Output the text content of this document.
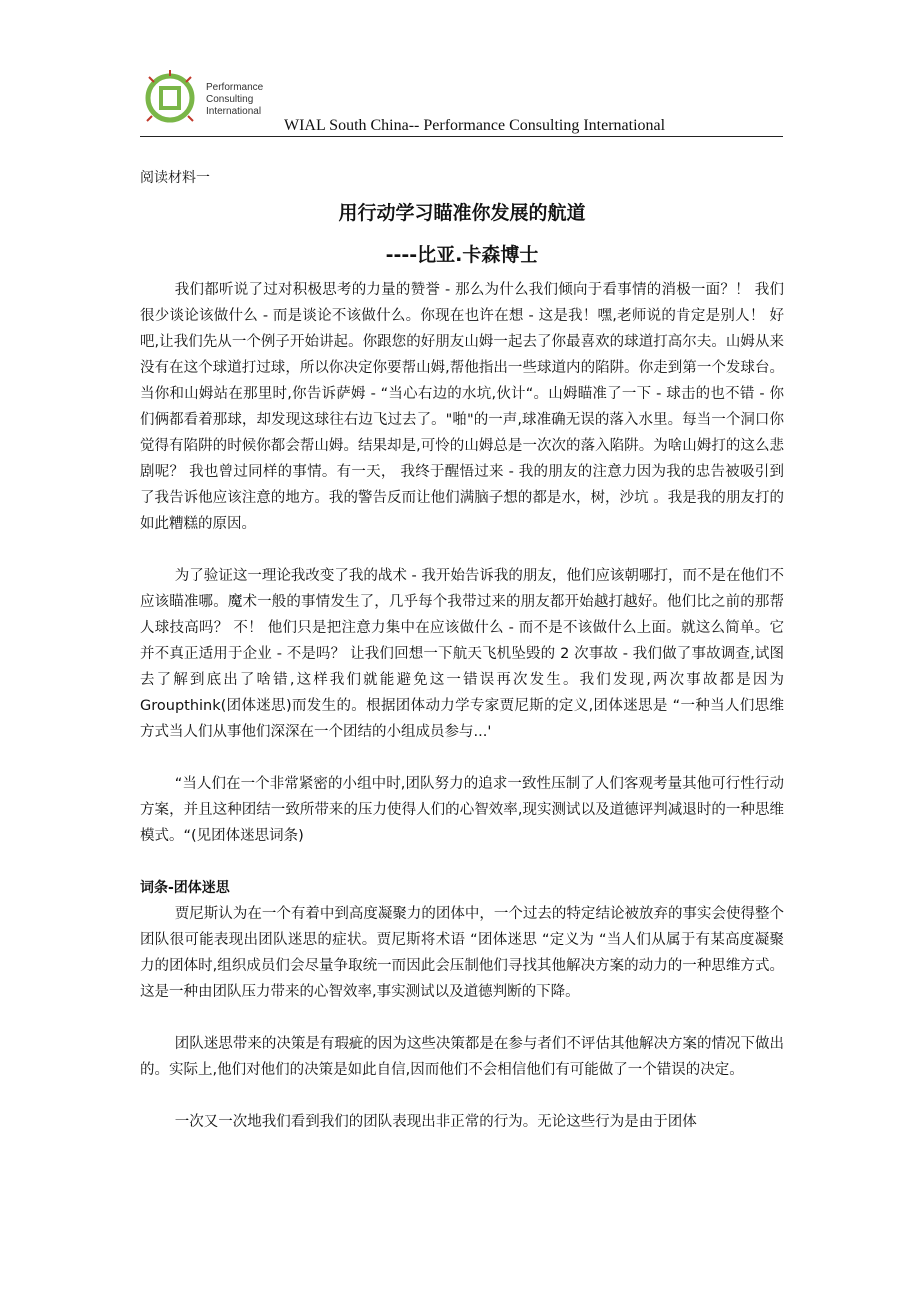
Performance
Consulting
International
WIAL South China-- Performance Consulting International
阅读材料一
用行动学习瞄准你发展的航道
----比亚.卡森博士

我们都听说了过对积极思考的力量的赞誉 - 那么为什么我们倾向于看事情的消极一面？！ 我们很少谈论该做什么 - 而是谈论不该做什么。你现在也许在想 - 这是我！嘿,老师说的肯定是别人！ 好吧,让我们先从一个例子开始讲起。你跟您的好朋友山姆一起去了你最喜欢的球道打高尔夫。山姆从来没有在这个球道打过球，所以你决定你要帮山姆,帮他指出一些球道内的陷阱。你走到第一个发球台。当你和山姆站在那里时,你告诉萨姆 - “当心右边的水坑,伙计“。山姆瞄准了一下 - 球击的也不错 - 你们俩都看着那球，却发现这球往右边飞过去了。"啪"的一声,球准确无误的落入水里。每当一个洞口你觉得有陷阱的时候你都会帮山姆。结果却是,可怜的山姆总是一次次的落入陷阱。为啥山姆打的这么悲剧呢？ 我也曾过同样的事情。有一天， 我终于醒悟过来 - 我的朋友的注意力因为我的忠告被吸引到了我告诉他应该注意的地方。我的警告反而让他们满脑子想的都是水，树，沙坑 。我是我的朋友打的如此糟糕的原因。

为了验证这一理论我改变了我的战术 - 我开始告诉我的朋友，他们应该朝哪打，而不是在他们不应该瞄准哪。魔术一般的事情发生了，几乎每个我带过来的朋友都开始越打越好。他们比之前的那帮人球技高吗？ 不！ 他们只是把注意力集中在应该做什么 - 而不是不该做什么上面。就这么简单。它并不真正适用于企业 - 不是吗？ 让我们回想一下航天飞机坠毁的 2 次事故 - 我们做了事故调查,试图去了解到底出了啥错,这样我们就能避免这一错误再次发生。我们发现,两次事故都是因为 Groupthink(团体迷思)而发生的。根据团体动力学专家贾尼斯的定义,团体迷思是 “一种当人们思维方式当人们从事他们深深在一个团结的小组成员参与...'

“当人们在一个非常紧密的小组中时,团队努力的追求一致性压制了人们客观考量其他可行性行动方案，并且这种团结一致所带来的压力使得人们的心智效率,现实测试以及道德评判减退时的一种思维模式。“(见团体迷思词条)

词条-团体迷思

贾尼斯认为在一个有着中到高度凝聚力的团体中，一个过去的特定结论被放弃的事实会使得整个团队很可能表现出团队迷思的症状。贾尼斯将术语 “团体迷思 “定义为 “当人们从属于有某高度凝聚力的团体时,组织成员们会尽量争取统一而因此会压制他们寻找其他解决方案的动力的一种思维方式。这是一种由团队压力带来的心智效率,事实测试以及道德判断的下降。

团队迷思带来的决策是有瑕疵的因为这些决策都是在参与者们不评估其他解决方案的情况下做出的。实际上,他们对他们的决策是如此自信,因而他们不会相信他们有可能做了一个错误的决定。

一次又一次地我们看到我们的团队表现出非正常的行为。无论这些行为是由于团体
